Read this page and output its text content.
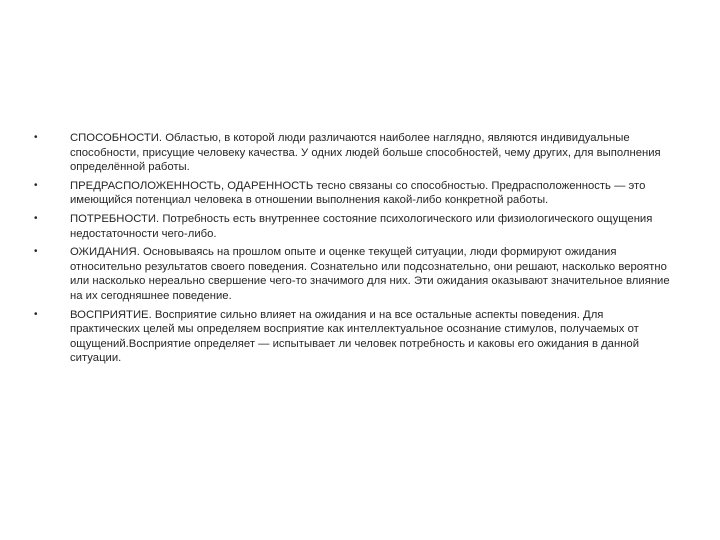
•	СПОСОБНОСТИ. Областью, в которой люди различаются наиболее наглядно, являются индивидуальные способности, присущие человеку качества. У одних людей больше способностей, чему других, для выполнения определённой работы.
•	ПРЕДРАСПОЛОЖЕННОСТЬ, ОДАРЕННОСТЬ тесно связаны со способностью. Предрасположенность — это имеющийся потенциал человека в отношении выполнения какой-либо конкретной работы.
•	ПОТРЕБНОСТИ. Потребность есть внутреннее состояние психологического или физиологического ощущения недостаточности чего-либо.
•	ОЖИДАНИЯ. Основываясь на прошлом опыте и оценке текущей ситуации, люди формируют ожидания относительно результатов своего поведения. Сознательно или подсознательно, они решают, насколько вероятно или насколько нереально свершение чего-то значимого для них. Эти ожидания оказывают значительное влияние на их сегодняшнее поведение.
•	ВОСПРИЯТИЕ. Восприятие сильно влияет на ожидания и на все остальные аспекты поведения. Для практических целей мы определяем восприятие как интеллектуальное осознание стимулов, получаемых от ощущений.Восприятие определяет — испытывает ли человек потребность и каковы его ожидания в данной ситуации.
